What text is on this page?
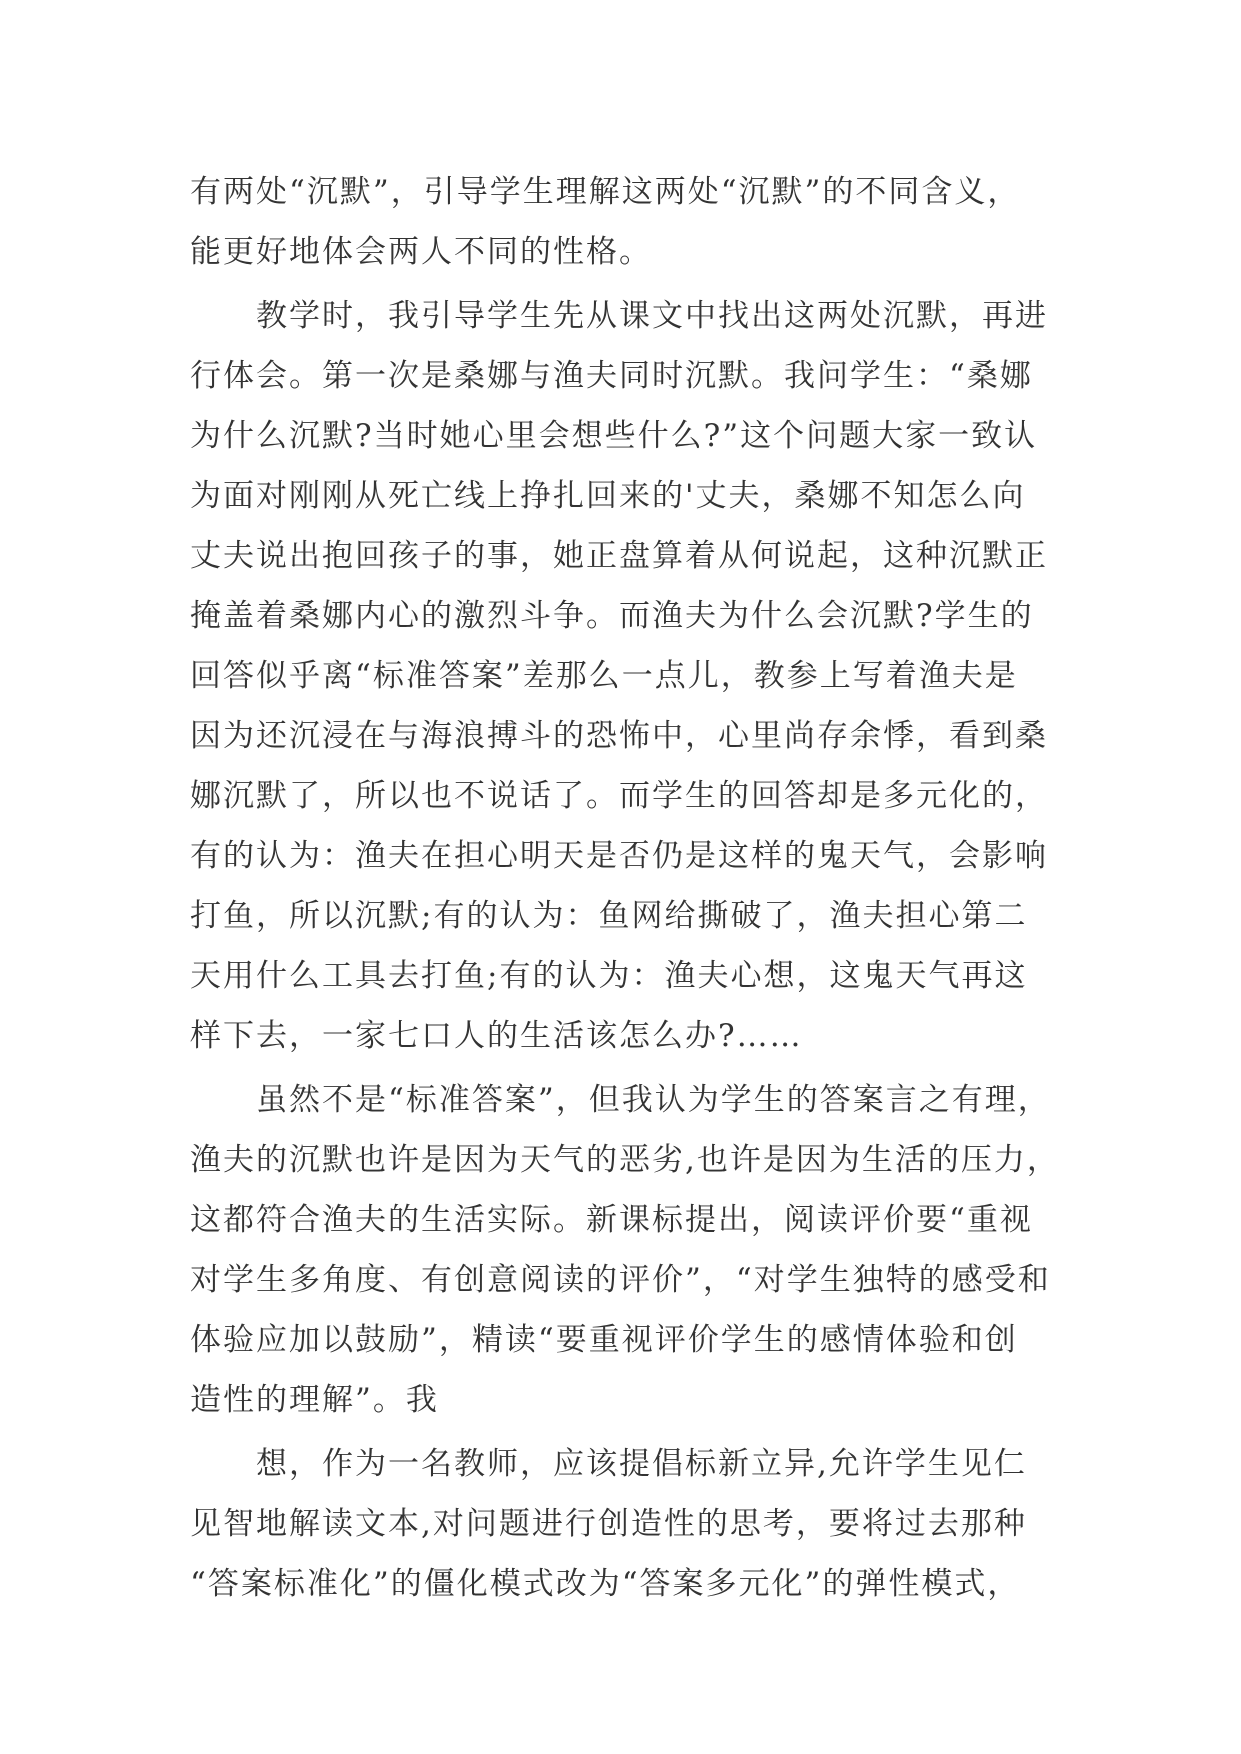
有两处“沉默”，引导学生理解这两处“沉默”的不同含义，
能更好地体会两人不同的性格。
教学时，我引导学生先从课文中找出这两处沉默，再进
行体会。第一次是桑娜与渔夫同时沉默。我问学生：“桑娜
为什么沉默?当时她心里会想些什么?”这个问题大家一致认
为面对刚刚从死亡线上挣扎回来的'丈夫，桑娜不知怎么向
丈夫说出抱回孩子的事，她正盘算着从何说起，这种沉默正
掩盖着桑娜内心的激烈斗争。而渔夫为什么会沉默?学生的
回答似乎离“标准答案”差那么一点儿，教参上写着渔夫是
因为还沉浸在与海浪搏斗的恐怖中，心里尚存余悸，看到桑
娜沉默了，所以也不说话了。而学生的回答却是多元化的，
有的认为：渔夫在担心明天是否仍是这样的鬼天气，会影响
打鱼，所以沉默;有的认为：鱼网给撕破了，渔夫担心第二
天用什么工具去打鱼;有的认为：渔夫心想，这鬼天气再这
样下去，一家七口人的生活该怎么办?……
虽然不是“标准答案”，但我认为学生的答案言之有理，
渔夫的沉默也许是因为天气的恶劣,也许是因为生活的压力，
这都符合渔夫的生活实际。新课标提出，阅读评价要“重视
对学生多角度、有创意阅读的评价”，“对学生独特的感受和
体验应加以鼓励”，精读“要重视评价学生的感情体验和创
造性的理解”。我
想，作为一名教师，应该提倡标新立异,允许学生见仁
见智地解读文本,对问题进行创造性的思考，要将过去那种
“答案标准化”的僵化模式改为“答案多元化”的弹性模式，
